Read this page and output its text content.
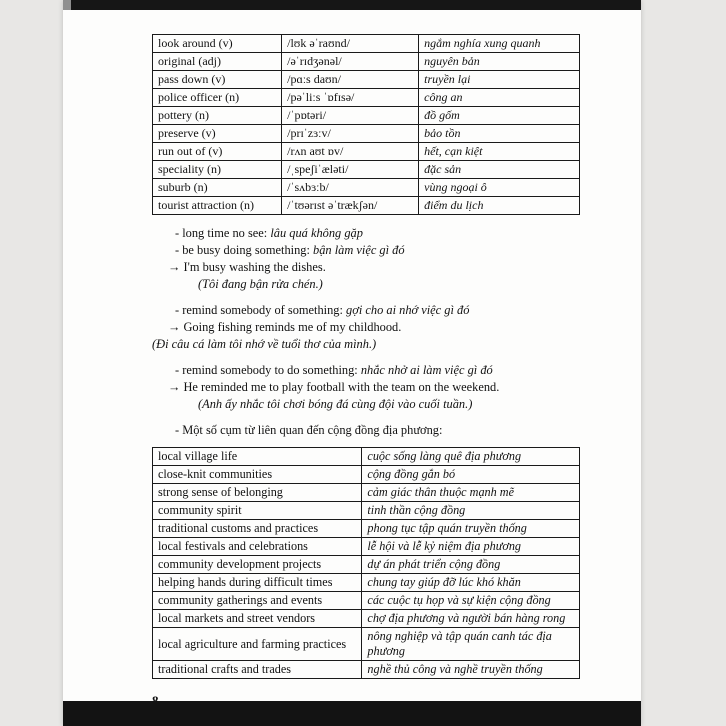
look around (v)	/lʊk əˈraʊnd/	ngắm nghía xung quanh
original (adj)	/əˈrɪdʒənəl/	nguyên bản
pass down (v)	/pɑːs daʊn/	truyền lại
police officer (n)	/pəˈliːs ˈɒfɪsə/	công an
pottery (n)	/ˈpɒtəri/	đồ gốm
preserve (v)	/prɪˈzɜːv/	bảo tồn
run out of (v)	/rʌn aʊt ɒv/	hết, cạn kiệt
speciality (n)	/ˌspeʃiˈæləti/	đặc sản
suburb (n)	/ˈsʌbɜːb/	vùng ngoại ô
tourist attraction (n)	/ˈtʊərɪst əˈtrækʃən/	điểm du lịch
- long time no see: lâu quá không gặp
- be busy doing something: bận làm việc gì đó
→ I'm busy washing the dishes.
(Tôi đang bận rửa chén.)
- remind somebody of something: gợi cho ai nhớ việc gì đó
→ Going fishing reminds me of my childhood.
(Đi câu cá làm tôi nhớ về tuổi thơ của mình.)
- remind somebody to do something: nhắc nhở ai làm việc gì đó
→ He reminded me to play football with the team on the weekend.
(Anh ấy nhắc tôi chơi bóng đá cùng đội vào cuối tuần.)
- Một số cụm từ liên quan đến cộng đồng địa phương:
local village life	cuộc sống làng quê địa phương
close-knit communities	cộng đồng gắn bó
strong sense of belonging	cảm giác thân thuộc mạnh mẽ
community spirit	tinh thần cộng đồng
traditional customs and practices	phong tục tập quán truyền thống
local festivals and celebrations	lễ hội và lễ kỷ niệm địa phương
community development projects	dự án phát triển cộng đồng
helping hands during difficult times	chung tay giúp đỡ lúc khó khăn
community gatherings and events	các cuộc tụ họp và sự kiện cộng đồng
local markets and street vendors	chợ địa phương và người bán hàng rong
local agriculture and farming practices	nông nghiệp và tập quán canh tác địa phương
traditional crafts and trades	nghề thủ công và nghề truyền thống
